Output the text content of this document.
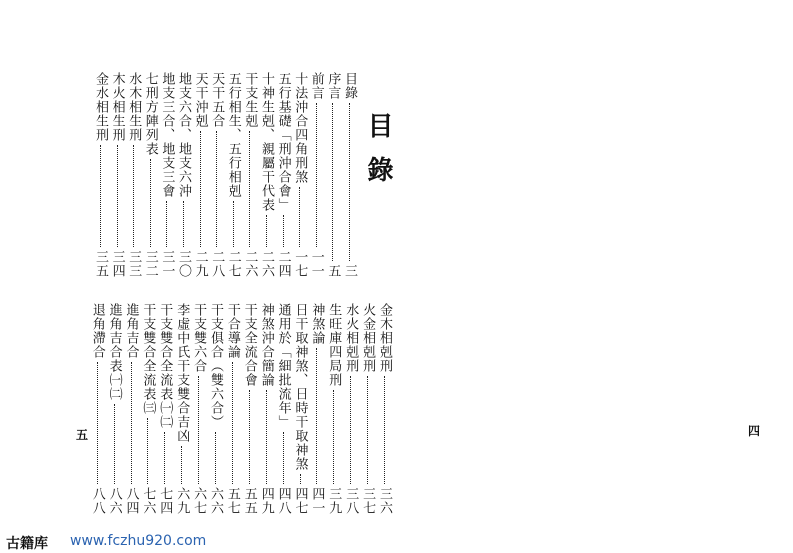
目錄
目錄
三
序言
五
前言
一一
十法沖合四角刑煞
一七
五行基礎「刑沖合會」
二四
十神生剋、親屬干代表
二六
干支生剋
二六
五行相生、五行相剋
二七
天干五合
二八
天干沖剋
二九
地支六合、地支六沖
三〇
地支三合、地支三會
三一
七刑方陣列表
三二
水木相生刑
三三
木火相生刑
三四
金水相生刑
三五
金木相剋刑
三六
火金相剋刑
三七
水火相剋刑
三八
生旺庫四局刑
三九
神煞論
四一
日干取神煞、日時干取神煞
四七
通用於「細批流年」
四八
神煞沖合簡論
四九
干支全流合會
五五
干合導論
五七
干支俱合（雙六合）
六六
干支雙六合
六七
李虛中氏干支雙合吉凶
六九
干支雙合全流表㈠㈡
七四
干支雙合全流表㈢
七六
進角吉合
八四
進角吉合表㈠㈡
八六
退角滯合
八八
四
五
古籍库 www.fczhu920.com
